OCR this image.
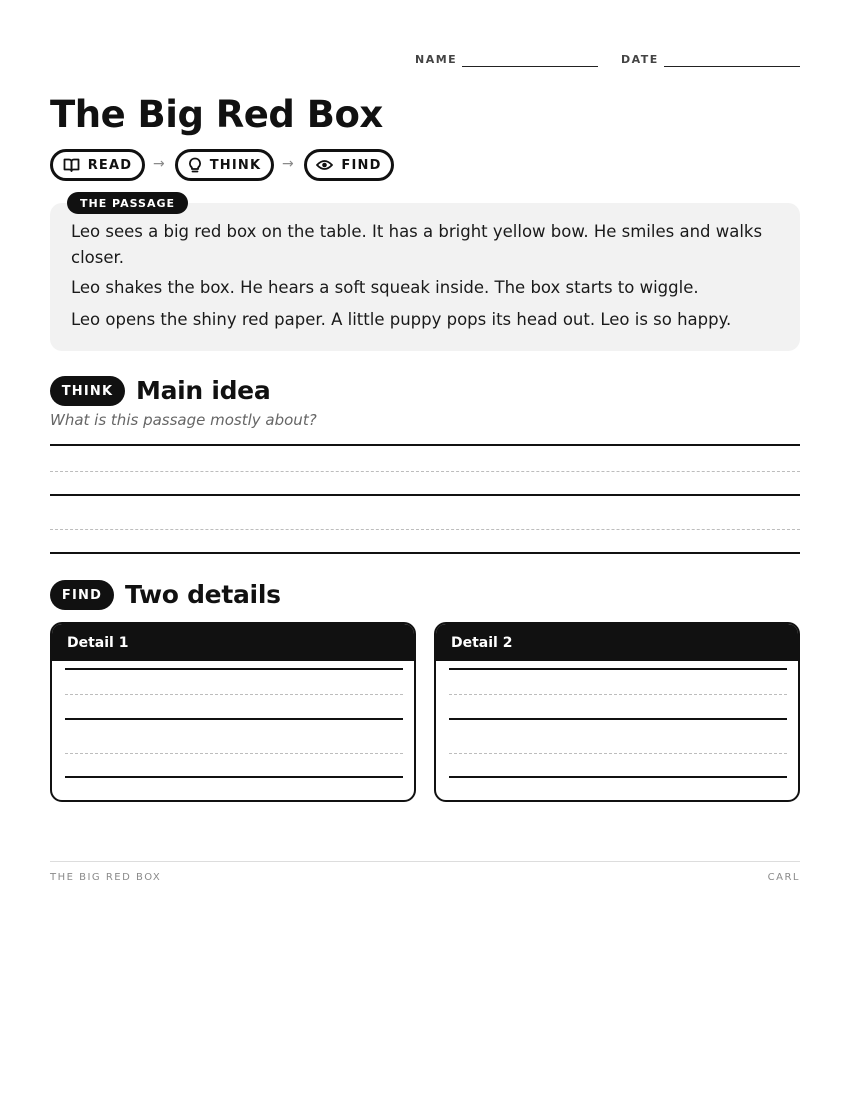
NAME	DATE
The Big Red Box
READ →	THINK →	FIND
THE PASSAGE
Leo sees a big red box on the table. It has a bright yellow bow. He smiles and walks closer.
Leo shakes the box. He hears a soft squeak inside. The box starts to wiggle.
Leo opens the shiny red paper. A little puppy pops its head out. Leo is so happy.
THINK Main idea
What is this passage mostly about?
FIND Two details
Detail 1	Detail 2
THE BIG RED BOX	CARL
